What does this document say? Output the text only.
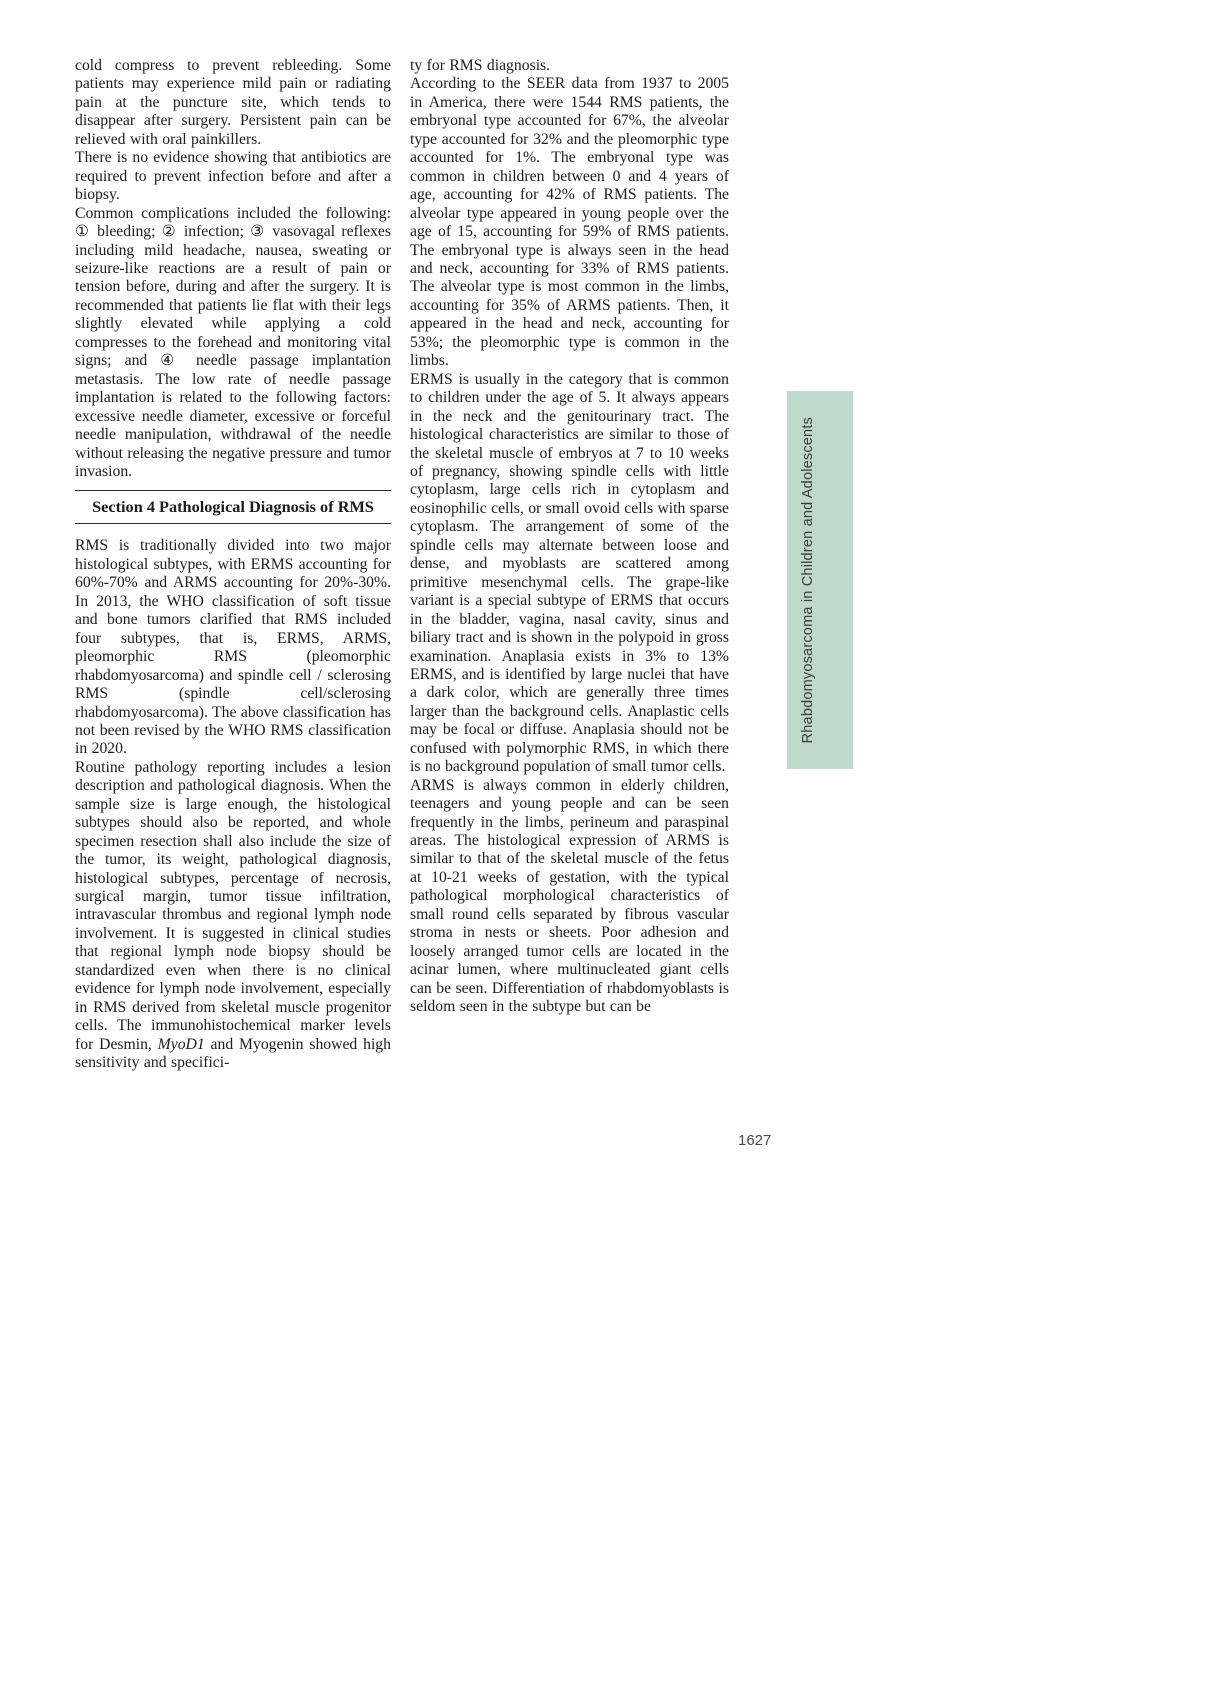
cold compress to prevent rebleeding. Some patients may experience mild pain or radiating pain at the puncture site, which tends to disappear after surgery. Persistent pain can be relieved with oral painkillers.

There is no evidence showing that antibiotics are required to prevent infection before and after a biopsy.

Common complications included the following: ① bleeding; ② infection; ③ vasovagal reflexes including mild headache, nausea, sweating or seizure-like reactions are a result of pain or tension before, during and after the surgery. It is recommended that patients lie flat with their legs slightly elevated while applying a cold compresses to the forehead and monitoring vital signs; and ④ needle passage implantation metastasis. The low rate of needle passage implantation is related to the following factors: excessive needle diameter, excessive or forceful needle manipulation, withdrawal of the needle without releasing the negative pressure and tumor invasion.

Section 4 Pathological Diagnosis of RMS

RMS is traditionally divided into two major histological subtypes, with ERMS accounting for 60%-70% and ARMS accounting for 20%-30%. In 2013, the WHO classification of soft tissue and bone tumors clarified that RMS included four subtypes, that is, ERMS, ARMS, pleomorphic RMS (pleomorphic rhabdomyosarcoma) and spindle cell / sclerosing RMS (spindle cell/sclerosing rhabdomyosarcoma). The above classification has not been revised by the WHO RMS classification in 2020.

Routine pathology reporting includes a lesion description and pathological diagnosis. When the sample size is large enough, the histological subtypes should also be reported, and whole specimen resection shall also include the size of the tumor, its weight, pathological diagnosis, histological subtypes, percentage of necrosis, surgical margin, tumor tissue infiltration, intravascular thrombus and regional lymph node involvement. It is suggested in clinical studies that regional lymph node biopsy should be standardized even when there is no clinical evidence for lymph node involvement, especially in RMS derived from skeletal muscle progenitor cells. The immunohistochemical marker levels for Desmin, MyoD1 and Myogenin showed high sensitivity and specifici-

ty for RMS diagnosis.

According to the SEER data from 1937 to 2005 in America, there were 1544 RMS patients, the embryonal type accounted for 67%, the alveolar type accounted for 32% and the pleomorphic type accounted for 1%. The embryonal type was common in children between 0 and 4 years of age, accounting for 42% of RMS patients. The alveolar type appeared in young people over the age of 15, accounting for 59% of RMS patients. The embryonal type is always seen in the head and neck, accounting for 33% of RMS patients. The alveolar type is most common in the limbs, accounting for 35% of ARMS patients. Then, it appeared in the head and neck, accounting for 53%; the pleomorphic type is common in the limbs.

ERMS is usually in the category that is common to children under the age of 5. It always appears in the neck and the genitourinary tract. The histological characteristics are similar to those of the skeletal muscle of embryos at 7 to 10 weeks of pregnancy, showing spindle cells with little cytoplasm, large cells rich in cytoplasm and eosinophilic cells, or small ovoid cells with sparse cytoplasm. The arrangement of some of the spindle cells may alternate between loose and dense, and myoblasts are scattered among primitive mesenchymal cells. The grape-like variant is a special subtype of ERMS that occurs in the bladder, vagina, nasal cavity, sinus and biliary tract and is shown in the polypoid in gross examination. Anaplasia exists in 3% to 13% ERMS, and is identified by large nuclei that have a dark color, which are generally three times larger than the background cells. Anaplastic cells may be focal or diffuse. Anaplasia should not be confused with polymorphic RMS, in which there is no background population of small tumor cells.

ARMS is always common in elderly children, teenagers and young people and can be seen frequently in the limbs, perineum and paraspinal areas. The histological expression of ARMS is similar to that of the skeletal muscle of the fetus at 10-21 weeks of gestation, with the typical pathological morphological characteristics of small round cells separated by fibrous vascular stroma in nests or sheets. Poor adhesion and loosely arranged tumor cells are located in the acinar lumen, where multinucleated giant cells can be seen. Differentiation of rhabdomyoblasts is seldom seen in the subtype but can be

Rhabdomyosarcoma in Children and Adolescents
1627
